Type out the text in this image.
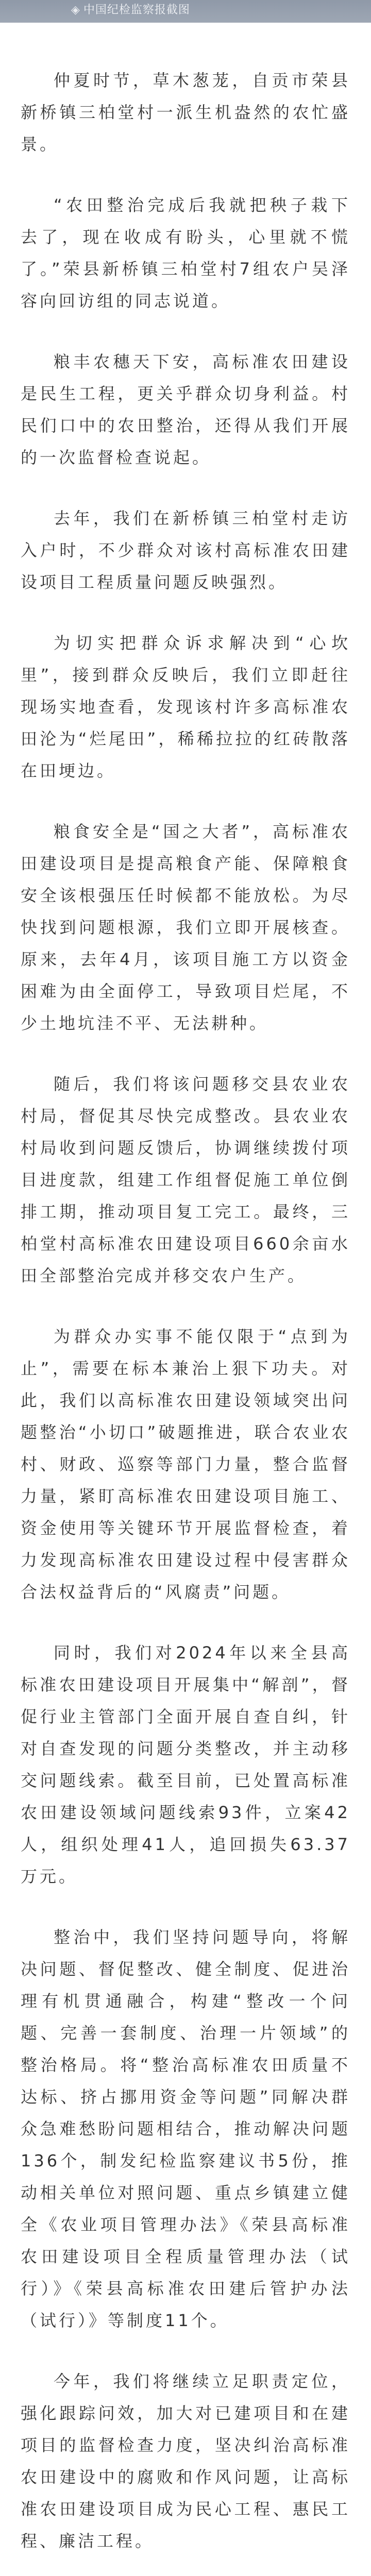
◈ 中国纪检监察报截图

仲夏时节，草木葱茏，自贡市荣县新桥镇三柏堂村一派生机盎然的农忙盛景。

“农田整治完成后我就把秧子栽下去了，现在收成有盼头，心里就不慌了。”荣县新桥镇三柏堂村7组农户吴泽容向回访组的同志说道。

粮丰农穗天下安，高标准农田建设是民生工程，更关乎群众切身利益。村民们口中的农田整治，还得从我们开展的一次监督检查说起。

去年，我们在新桥镇三柏堂村走访入户时，不少群众对该村高标准农田建设项目工程质量问题反映强烈。

为切实把群众诉求解决到“心坎里”，接到群众反映后，我们立即赶往现场实地查看，发现该村许多高标准农田沦为“烂尾田”，稀稀拉拉的红砖散落在田埂边。

粮食安全是“国之大者”，高标准农田建设项目是提高粮食产能、保障粮食安全该根强压任时候都不能放松。为尽快找到问题根源，我们立即开展核查。原来，去年4月，该项目施工方以资金困难为由全面停工，导致项目烂尾，不少土地坑洼不平、无法耕种。

随后，我们将该问题移交县农业农村局，督促其尽快完成整改。县农业农村局收到问题反馈后，协调继续拨付项目进度款，组建工作组督促施工单位倒排工期，推动项目复工完工。最终，三柏堂村高标准农田建设项目660余亩水田全部整治完成并移交农户生产。

为群众办实事不能仅限于“点到为止”，需要在标本兼治上狠下功夫。对此，我们以高标准农田建设领域突出问题整治“小切口”破题推进，联合农业农村、财政、巡察等部门力量，整合监督力量，紧盯高标准农田建设项目施工、资金使用等关键环节开展监督检查，着力发现高标准农田建设过程中侵害群众合法权益背后的“风腐责”问题。

同时，我们对2024年以来全县高标准农田建设项目开展集中“解剖”，督促行业主管部门全面开展自查自纠，针对自查发现的问题分类整改，并主动移交问题线索。截至目前，已处置高标准农田建设领域问题线索93件，立案42人，组织处理41人，追回损失63.37万元。

整治中，我们坚持问题导向，将解决问题、督促整改、健全制度、促进治理有机贯通融合，构建“整改一个问题、完善一套制度、治理一片领域”的整治格局。将“整治高标准农田质量不达标、挤占挪用资金等问题”同解决群众急难愁盼问题相结合，推动解决问题136个，制发纪检监察建议书5份，推动相关单位对照问题、重点乡镇建立健全《农业项目管理办法》《荣县高标准农田建设项目全程质量管理办法（试行）》《荣县高标准农田建后管护办法（试行）》等制度11个。

今年，我们将继续立足职责定位，强化跟踪问效，加大对已建项目和在建项目的监督检查力度，坚决纠治高标准农田建设中的腐败和作风问题，让高标准农田建设项目成为民心工程、惠民工程、廉洁工程。
